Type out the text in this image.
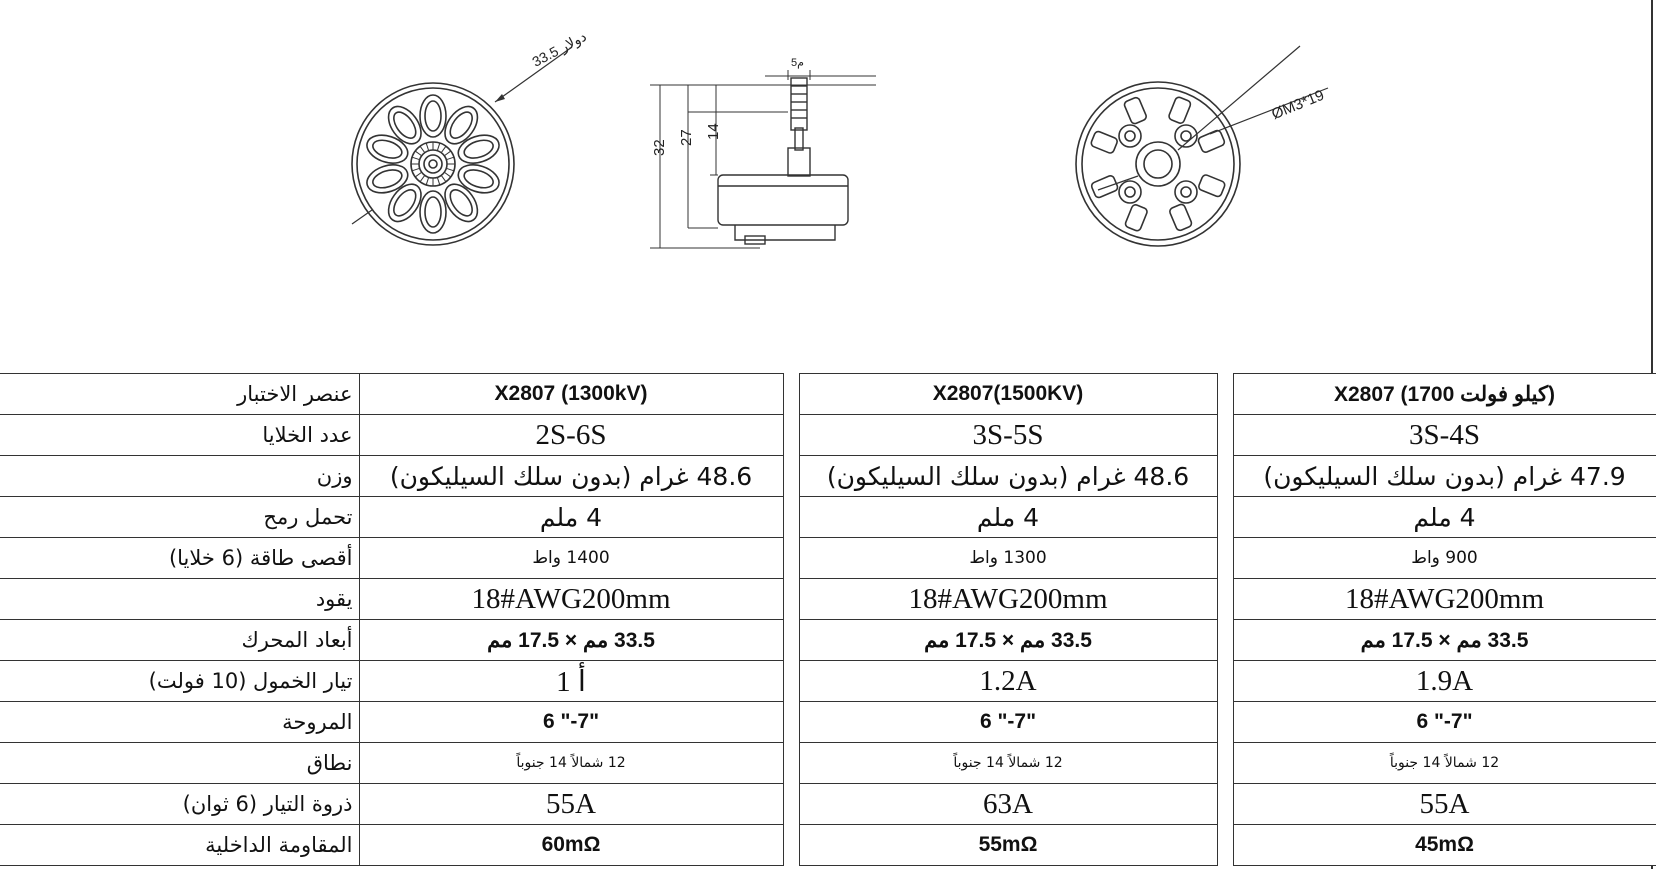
33.5 دولار
32
27 14
5م
ØM3*19
عنصر الاختبار	X2807 (1300kV)		X2807(1500KV)		X2807 (1700 كيلو فولت)
عدد الخلايا	2S-6S		3S-5S		3S-4S
وزن	48.6 غرام (بدون سلك السيليكون)		48.6 غرام (بدون سلك السيليكون)		47.9 غرام (بدون سلك السيليكون)
تحمل رمح	4 ملم		4 ملم		4 ملم
أقصى طاقة (6 خلايا)	1400 واط		1300 واط		900 واط
يقود	18#AWG200mm		18#AWG200mm		18#AWG200mm
أبعاد المحرك	33.5 مم × 17.5 مم		33.5 مم × 17.5 مم		33.5 مم × 17.5 مم
تيار الخمول (10 فولت)	1 أ		1.2A		1.9A
المروحة	6 "-7"		6 "-7"		6 "-7"
نطاق	12 شمالاً 14 جنوباً		12 شمالاً 14 جنوباً		12 شمالاً 14 جنوباً
ذروة التيار (6 ثوان)	55A		63A		55A
المقاومة الداخلية	60mΩ		55mΩ		45mΩ
